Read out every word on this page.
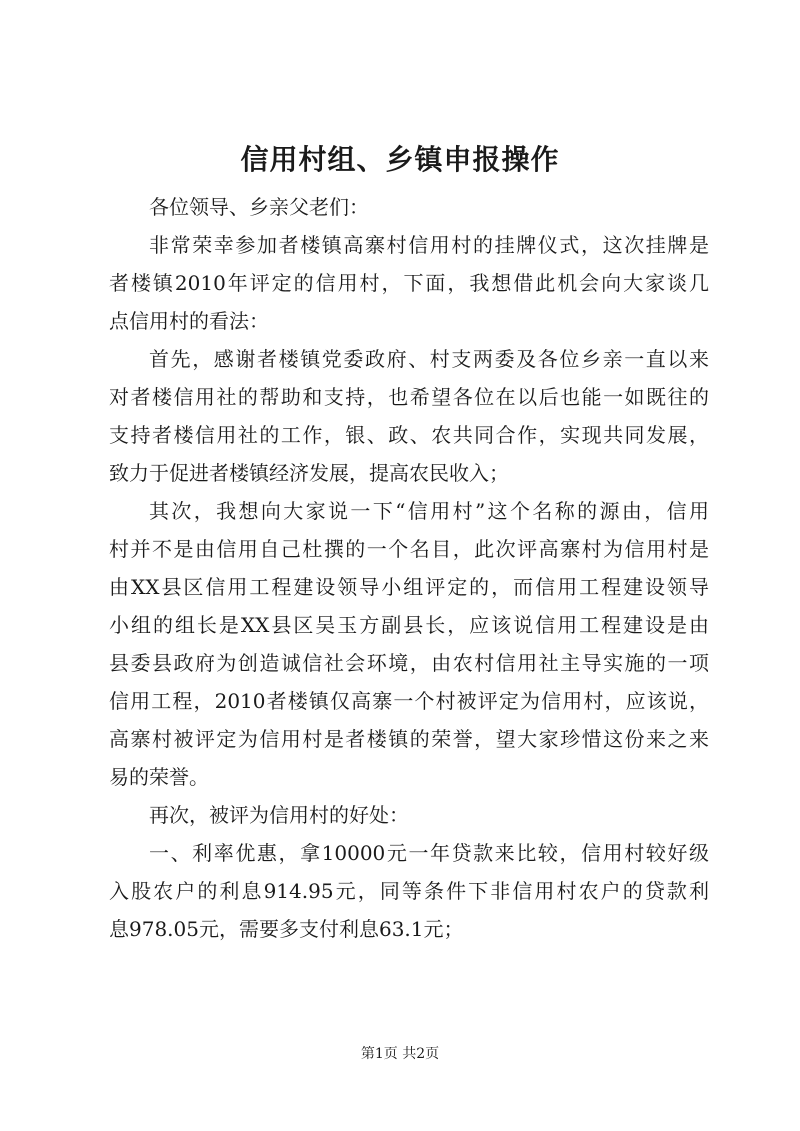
信用村组、乡镇申报操作
各位领导、乡亲父老们：
非常荣幸参加者楼镇高寨村信用村的挂牌仪式，这次挂牌是
者楼镇2010年评定的信用村，下面，我想借此机会向大家谈几
点信用村的看法：
首先，感谢者楼镇党委政府、村支两委及各位乡亲一直以来
对者楼信用社的帮助和支持，也希望各位在以后也能一如既往的
支持者楼信用社的工作，银、政、农共同合作，实现共同发展，
致力于促进者楼镇经济发展，提高农民收入；
其次，我想向大家说一下“信用村”这个名称的源由，信用
村并不是由信用自己杜撰的一个名目，此次评高寨村为信用村是
由XX县区信用工程建设领导小组评定的，而信用工程建设领导
小组的组长是XX县区吴玉方副县长，应该说信用工程建设是由
县委县政府为创造诚信社会环境，由农村信用社主导实施的一项
信用工程，2010者楼镇仅高寨一个村被评定为信用村，应该说，
高寨村被评定为信用村是者楼镇的荣誉，望大家珍惜这份来之来
易的荣誉。
再次，被评为信用村的好处：
一、利率优惠，拿10000元一年贷款来比较，信用村较好级
入股农户的利息914.95元，同等条件下非信用村农户的贷款利
息978.05元，需要多支付利息63.1元；
第1页 共2页
